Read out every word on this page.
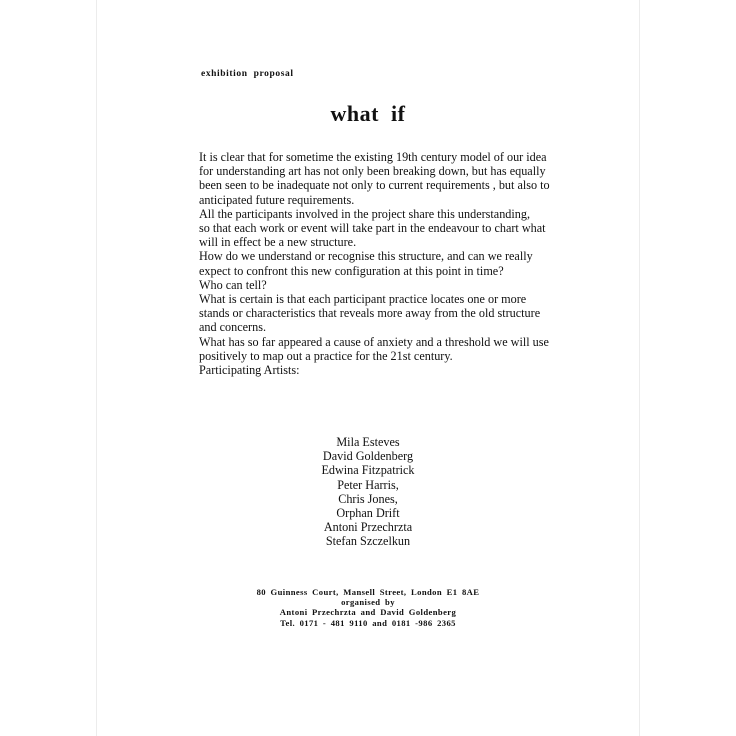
exhibition proposal
what if

It is clear that for sometime the existing 19th century model of our idea
for understanding art has not only been breaking down, but has equally
been seen to be inadequate not only to current requirements , but also to
anticipated future requirements.

All the participants involved in the project share this understanding,
so that each work or event will take part in the endeavour to chart what
will in effect be a new structure.
How do we understand or recognise this structure, and can we really
expect to confront this new configuration at this point in time?

Who can tell?

What is certain is that each participant practice locates one or more
stands or characteristics that reveals more away from the old structure
and concerns.

What has so far appeared a cause of anxiety and a threshold we will use
positively to map out a practice for the 21st century.

Participating Artists:

Mila Esteves
David Goldenberg
Edwina Fitzpatrick
Peter Harris,
Chris Jones,
Orphan Drift
Antoni Przechrzta
Stefan Szczelkun
80 Guinness Court, Mansell Street, London E1 8AE
organised by
Antoni Przechrzta and David Goldenberg
Tel. 0171 - 481 9110 and 0181 -986 2365
